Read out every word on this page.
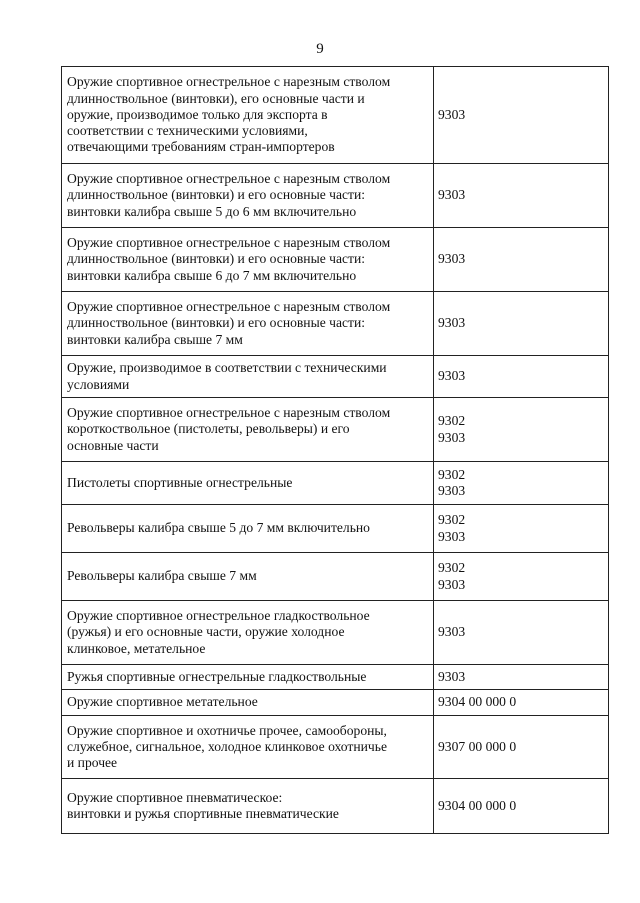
9
Оружие спортивное огнестрельное с нарезным стволом
длинноствольное (винтовки), его основные части и
оружие, производимое только для экспорта в
соответствии с техническими условиями,
отвечающими требованиям стран-импортеров	9303

Оружие спортивное огнестрельное с нарезным стволом
длинноствольное (винтовки) и его основные части:
винтовки калибра свыше 5 до 6 мм включительно	9303

Оружие спортивное огнестрельное с нарезным стволом
длинноствольное (винтовки) и его основные части:
винтовки калибра свыше 6 до 7 мм включительно	9303

Оружие спортивное огнестрельное с нарезным стволом
длинноствольное (винтовки) и его основные части:
винтовки калибра свыше 7 мм	9303

Оружие, производимое в соответствии с техническими
условиями	9303

Оружие спортивное огнестрельное с нарезным стволом
короткоствольное (пистолеты, револьверы) и его
основные части	9302
9303

Пистолеты спортивные огнестрельные	9302
9303

Револьверы калибра свыше 5 до 7 мм включительно	9302
9303

Револьверы калибра свыше 7 мм	9302
9303

Оружие спортивное огнестрельное гладкоствольное
(ружья) и его основные части, оружие холодное
клинковое, метательное	9303

Ружья спортивные огнестрельные гладкоствольные	9303

Оружие спортивное метательное	9304 00 000 0

Оружие спортивное и охотничье прочее, самообороны,
служебное, сигнальное, холодное клинковое охотничье
и прочее	9307 00 000 0

Оружие спортивное пневматическое:
винтовки и ружья спортивные пневматические	9304 00 000 0
